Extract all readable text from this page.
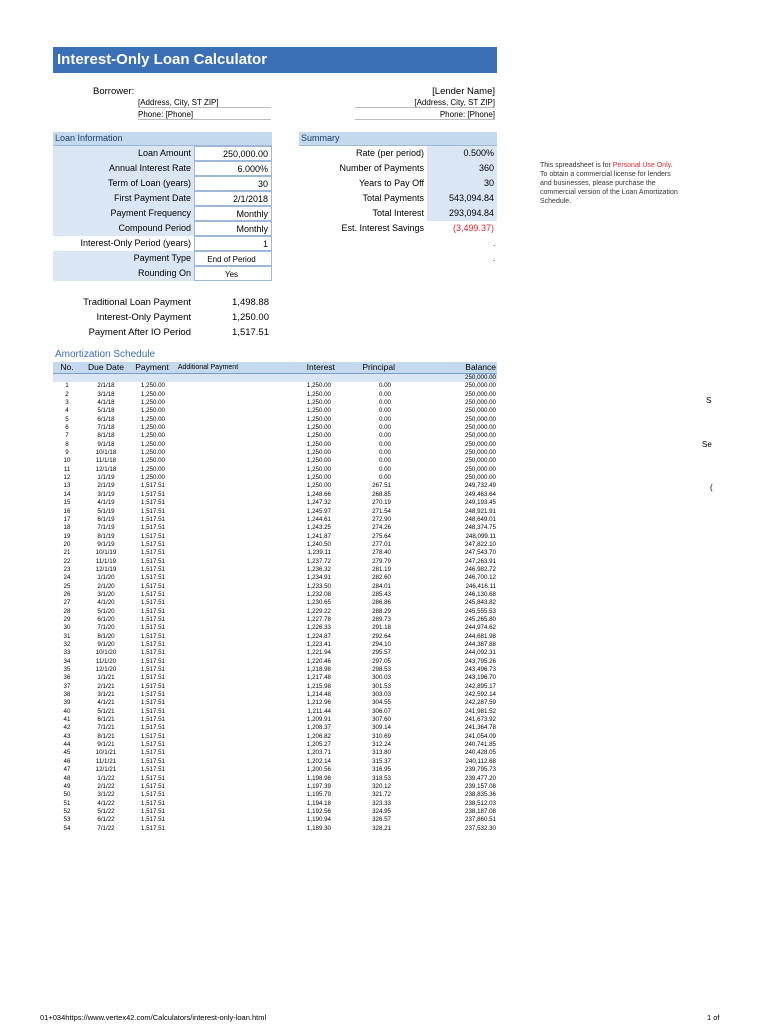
Interest-Only Loan Calculator
Borrower:
[Address, City, ST ZIP]
Phone: [Phone]
[Lender Name]
[Address, City, ST ZIP]
Phone: [Phone]
Loan Information
Loan Amount	250,000.00
Annual Interest Rate	6.000%
Term of Loan (years)	30
First Payment Date	2/1/2018
Payment Frequency	Monthly
Compound Period	Monthly
Interest-Only Period (years)	1
Payment Type	End of Period
Rounding On	Yes
Summary
Rate (per period)	0.500%
Number of Payments	360
Years to Pay Off	30
Total Payments	543,094.84
Total Interest	293,094.84
Est. Interest Savings	(3,499.37)
.
.
This spreadsheet is for Personal Use Only.
To obtain a commercial license for lenders
and businesses, please purchase the
commercial version of the Loan Amortization
Schedule.
Traditional Loan Payment	1,498.88
Interest-Only Payment	1,250.00
Payment After IO Period	1,517.51
Amortization Schedule
No.	Due Date	Payment	Additional Payment	Interest	Principal	Balance
						250,000.00
1	2/1/18	1,250.00		1,250.00	0.00	250,000.00
2	3/1/18	1,250.00		1,250.00	0.00	250,000.00
3	4/1/18	1,250.00		1,250.00	0.00	250,000.00
4	5/1/18	1,250.00		1,250.00	0.00	250,000.00
5	6/1/18	1,250.00		1,250.00	0.00	250,000.00
6	7/1/18	1,250.00		1,250.00	0.00	250,000.00
7	8/1/18	1,250.00		1,250.00	0.00	250,000.00
8	9/1/18	1,250.00		1,250.00	0.00	250,000.00
9	10/1/18	1,250.00		1,250.00	0.00	250,000.00
10	11/1/18	1,250.00		1,250.00	0.00	250,000.00
11	12/1/18	1,250.00		1,250.00	0.00	250,000.00
12	1/1/19	1,250.00		1,250.00	0.00	250,000.00
13	2/1/19	1,517.51		1,250.00	267.51	249,732.49
14	3/1/19	1,517.51		1,248.66	268.85	249,463.64
15	4/1/19	1,517.51		1,247.32	270.19	249,193.45
16	5/1/19	1,517.51		1,245.97	271.54	248,921.91
17	6/1/19	1,517.51		1,244.61	272.90	248,649.01
18	7/1/19	1,517.51		1,243.25	274.26	248,374.75
19	8/1/19	1,517.51		1,241.87	275.64	248,099.11
20	9/1/19	1,517.51		1,240.50	277.01	247,822.10
21	10/1/19	1,517.51		1,239.11	278.40	247,543.70
22	11/1/19	1,517.51		1,237.72	279.79	247,263.91
23	12/1/19	1,517.51		1,236.32	281.19	246,982.72
24	1/1/20	1,517.51		1,234.91	282.60	246,700.12
25	2/1/20	1,517.51		1,233.50	284.01	246,416.11
26	3/1/20	1,517.51		1,232.08	285.43	246,130.68
27	4/1/20	1,517.51		1,230.65	286.86	245,843.82
28	5/1/20	1,517.51		1,229.22	288.29	245,555.53
29	6/1/20	1,517.51		1,227.78	289.73	245,265.80
30	7/1/20	1,517.51		1,226.33	291.18	244,974.62
31	8/1/20	1,517.51		1,224.87	292.64	244,681.98
32	9/1/20	1,517.51		1,223.41	294.10	244,387.88
33	10/1/20	1,517.51		1,221.94	295.57	244,092.31
34	11/1/20	1,517.51		1,220.46	297.05	243,795.26
35	12/1/20	1,517.51		1,218.98	298.53	243,496.73
36	1/1/21	1,517.51		1,217.48	300.03	243,196.70
37	2/1/21	1,517.51		1,215.98	301.53	242,895.17
38	3/1/21	1,517.51		1,214.48	303.03	242,592.14
39	4/1/21	1,517.51		1,212.96	304.55	242,287.59
40	5/1/21	1,517.51		1,211.44	306.07	241,981.52
41	6/1/21	1,517.51		1,209.91	307.60	241,673.92
42	7/1/21	1,517.51		1,208.37	309.14	241,364.78
43	8/1/21	1,517.51		1,206.82	310.69	241,054.09
44	9/1/21	1,517.51		1,205.27	312.24	240,741.85
45	10/1/21	1,517.51		1,203.71	313.80	240,428.05
46	11/1/21	1,517.51		1,202.14	315.37	240,112.68
47	12/1/21	1,517.51		1,200.56	316.95	239,795.73
48	1/1/22	1,517.51		1,198.98	318.53	239,477.20
49	2/1/22	1,517.51		1,197.39	320.12	239,157.08
50	3/1/22	1,517.51		1,195.79	321.72	238,835.36
51	4/1/22	1,517.51		1,194.18	323.33	238,512.03
52	5/1/22	1,517.51		1,192.56	324.95	238,187.08
53	6/1/22	1,517.51		1,190.94	326.57	237,860.51
54	7/1/22	1,517.51		1,189.30	328.21	237,532.30
S
Se
(
01+034https://www.vertex42.com/Calculators/interest-only-loan.html	1 of
